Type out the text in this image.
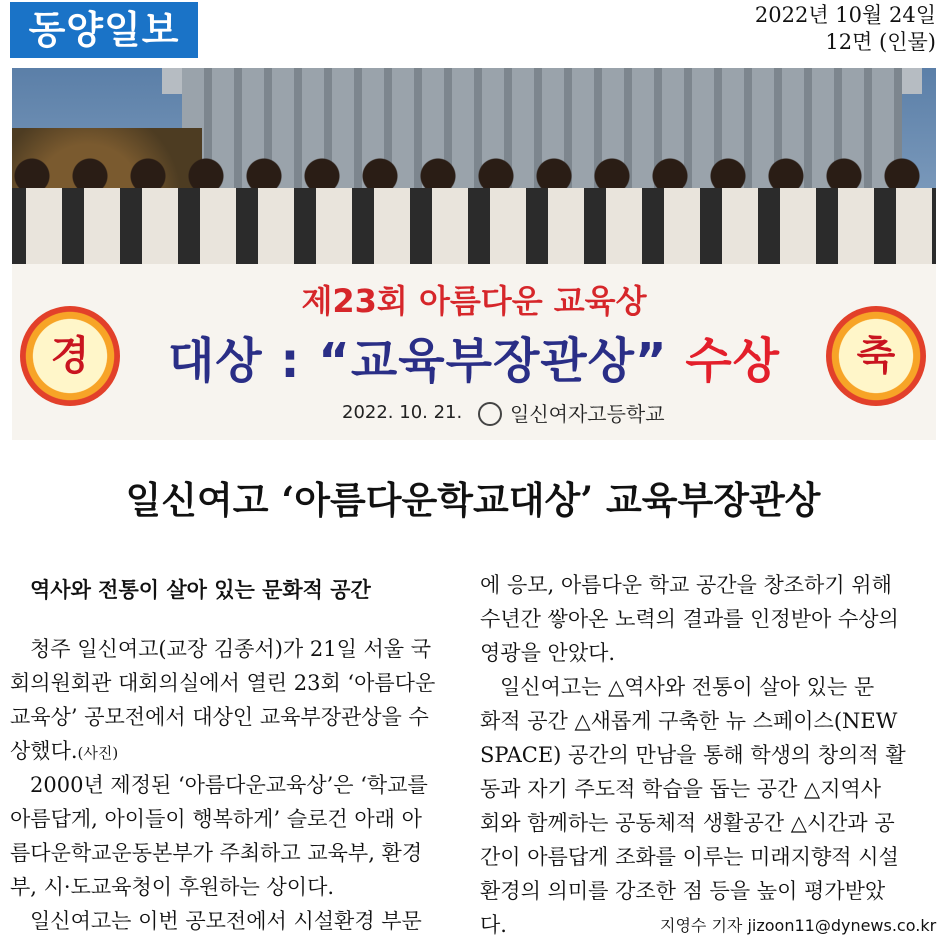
동양일보	2022년 10월 24일
12면 (인물)
경	축
제23회 아름다운 교육상
대상 : “교육부장관상” 수상
2022. 10. 21.	일신여자고등학교
일신여고 ‘아름다운학교대상’ 교육부장관상
역사와 전통이 살아 있는 문화적 공간

청주 일신여고(교장 김종서)가 21일 서울 국

회의원회관 대회의실에서 열린 23회 ‘아름다운

교육상’ 공모전에서 대상인 교육부장관상을 수

상했다.(사진)

2000년 제정된 ‘아름다운교육상’은 ‘학교를

아름답게, 아이들이 행복하게’ 슬로건 아래 아

름다운학교운동본부가 주최하고 교육부, 환경

부, 시·도교육청이 후원하는 상이다.

일신여고는 이번 공모전에서 시설환경 부문

에 응모, 아름다운 학교 공간을 창조하기 위해

수년간 쌓아온 노력의 결과를 인정받아 수상의

영광을 안았다.

일신여고는 △역사와 전통이 살아 있는 문

화적 공간 △새롭게 구축한 뉴 스페이스(NEW

SPACE) 공간의 만남을 통해 학생의 창의적 활

동과 자기 주도적 학습을 돕는 공간 △지역사

회와 함께하는 공동체적 생활공간 △시간과 공

간이 아름답게 조화를 이루는 미래지향적 시설

환경의 의미를 강조한 점 등을 높이 평가받았

다.	지영수 기자 jizoon11@dynews.co.kr
